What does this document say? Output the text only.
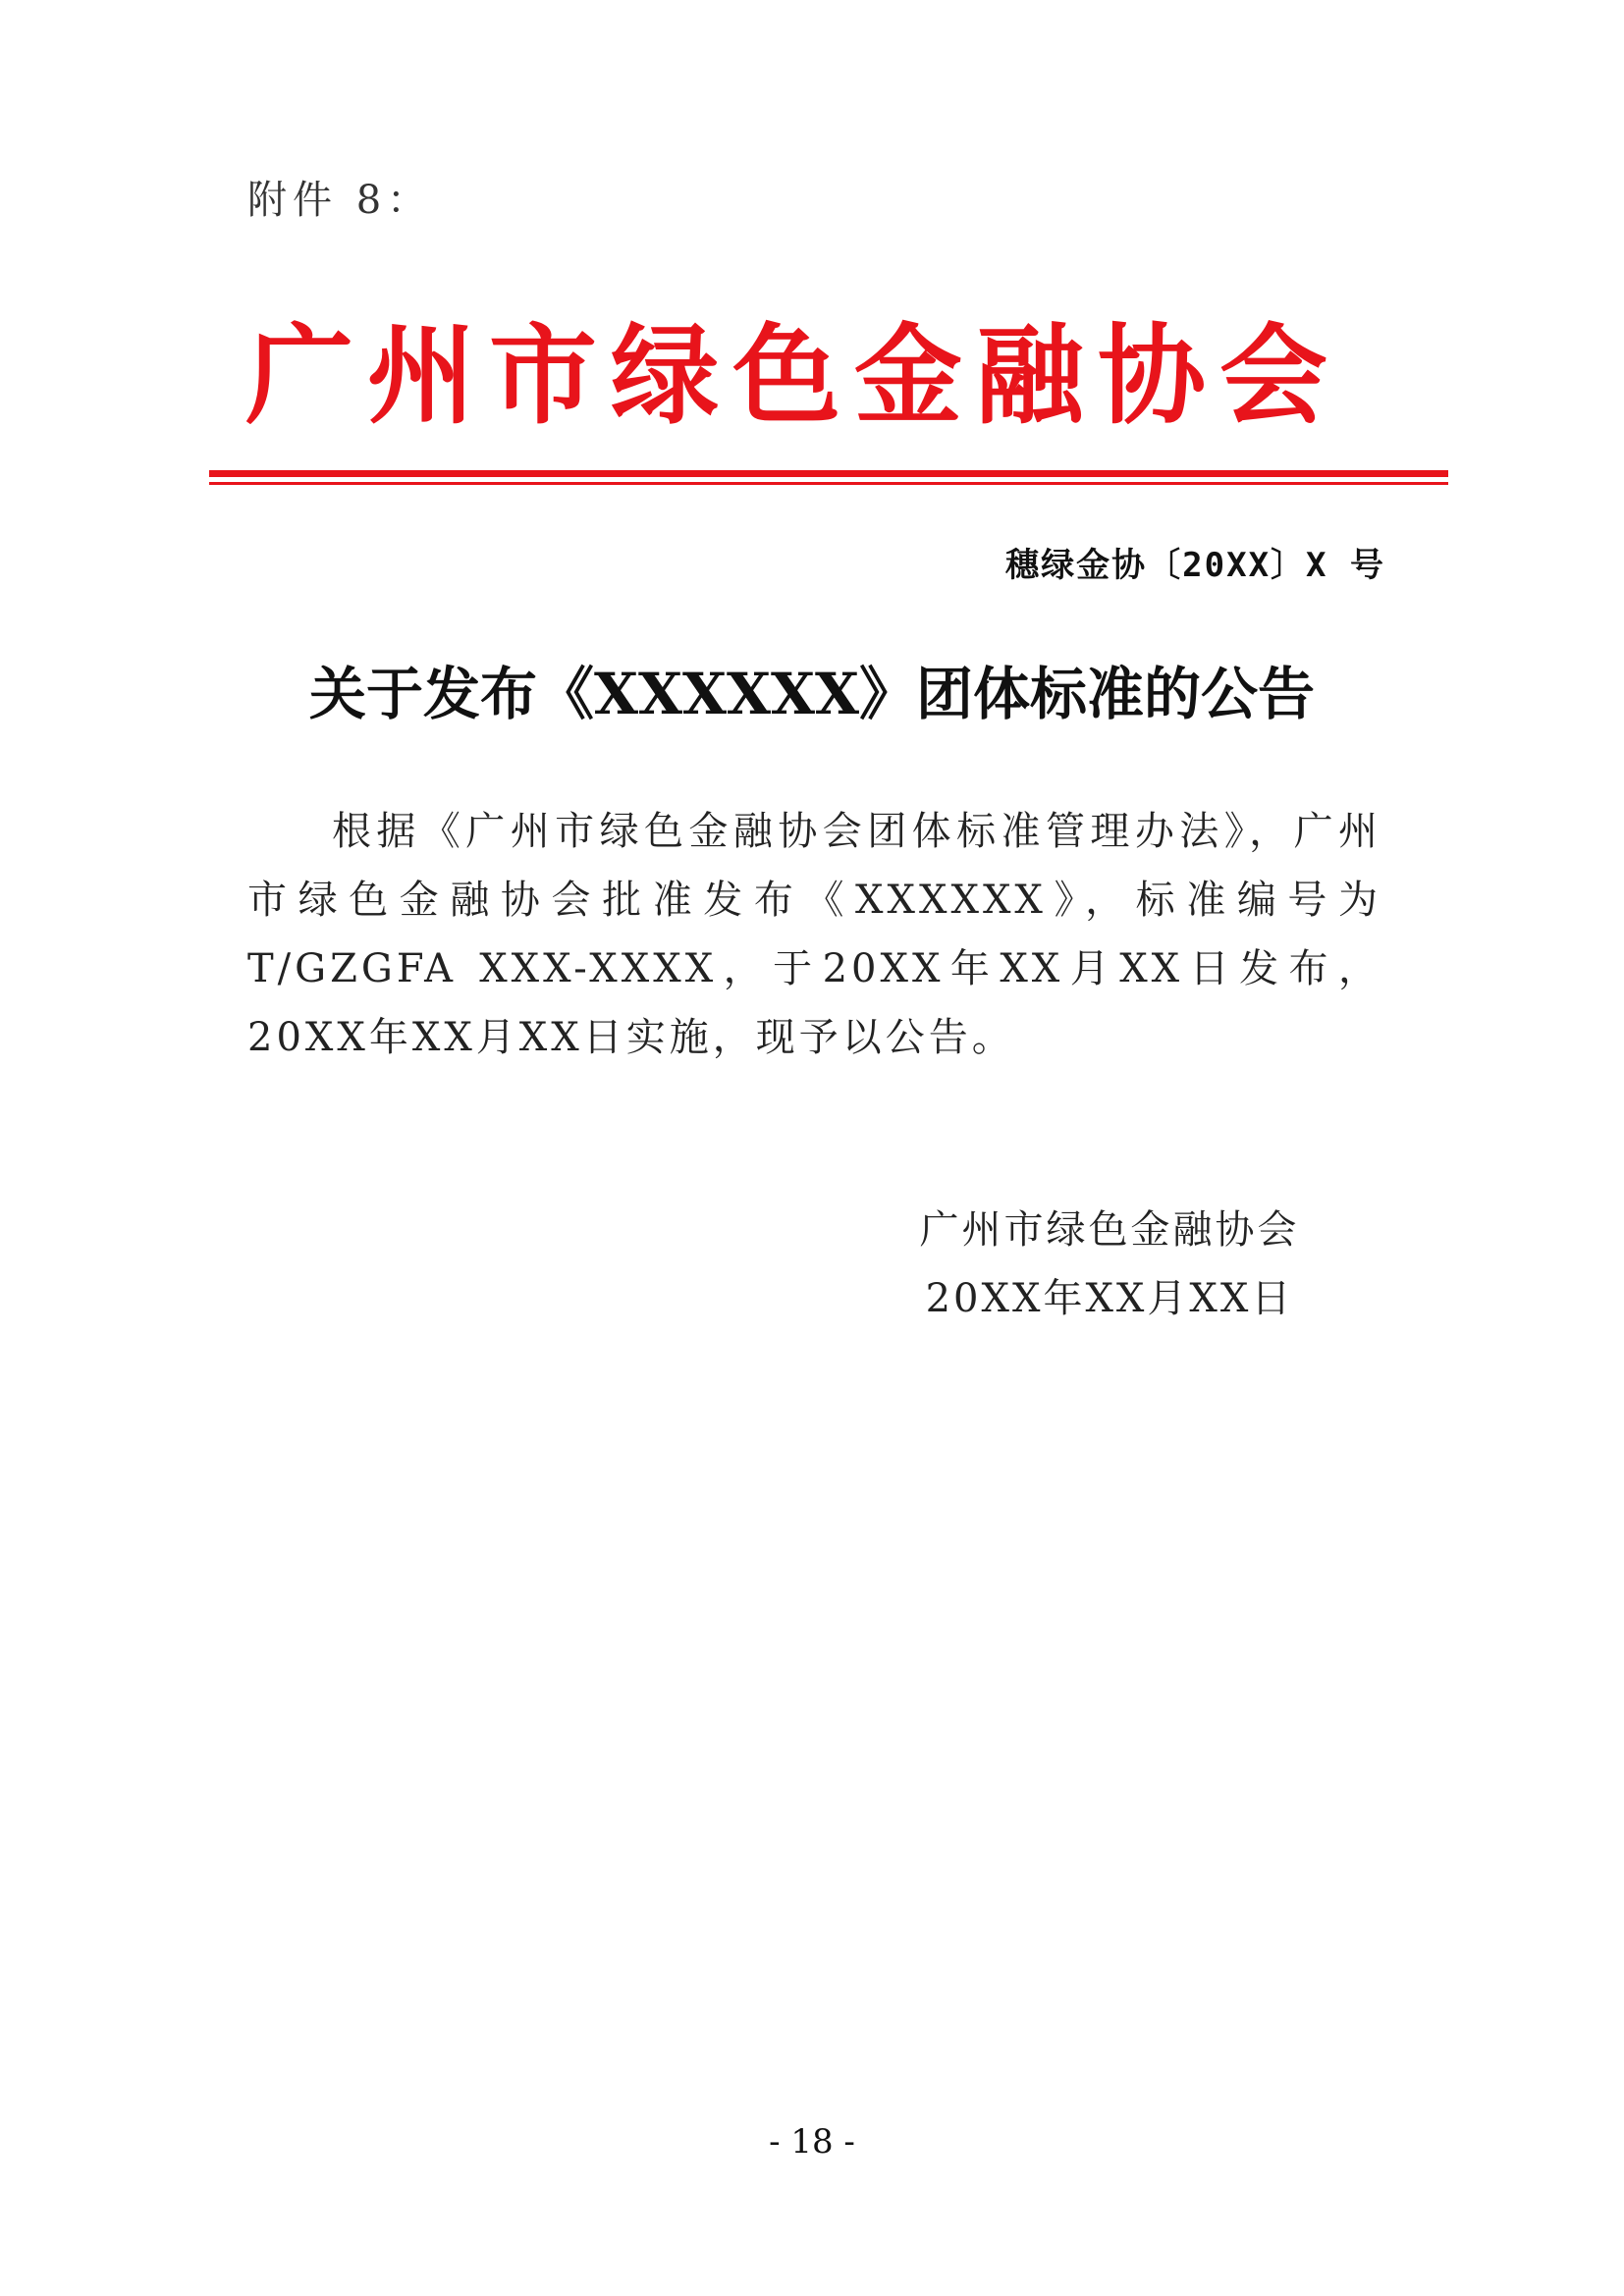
附件 8：
广州市绿色金融协会
穗绿金协〔20XX〕X 号
关于发布《XXXXXX》团体标准的公告
根据《广州市绿色金融协会团体标准管理办法》，广州市绿色金融协会批准发布《XXXXXX》，标准编号为T/GZGFA XXX-XXXX，于20XX年XX月XX日发布，20XX年XX月XX日实施，现予以公告。
广州市绿色金融协会
20XX年XX月XX日
- 18 -
